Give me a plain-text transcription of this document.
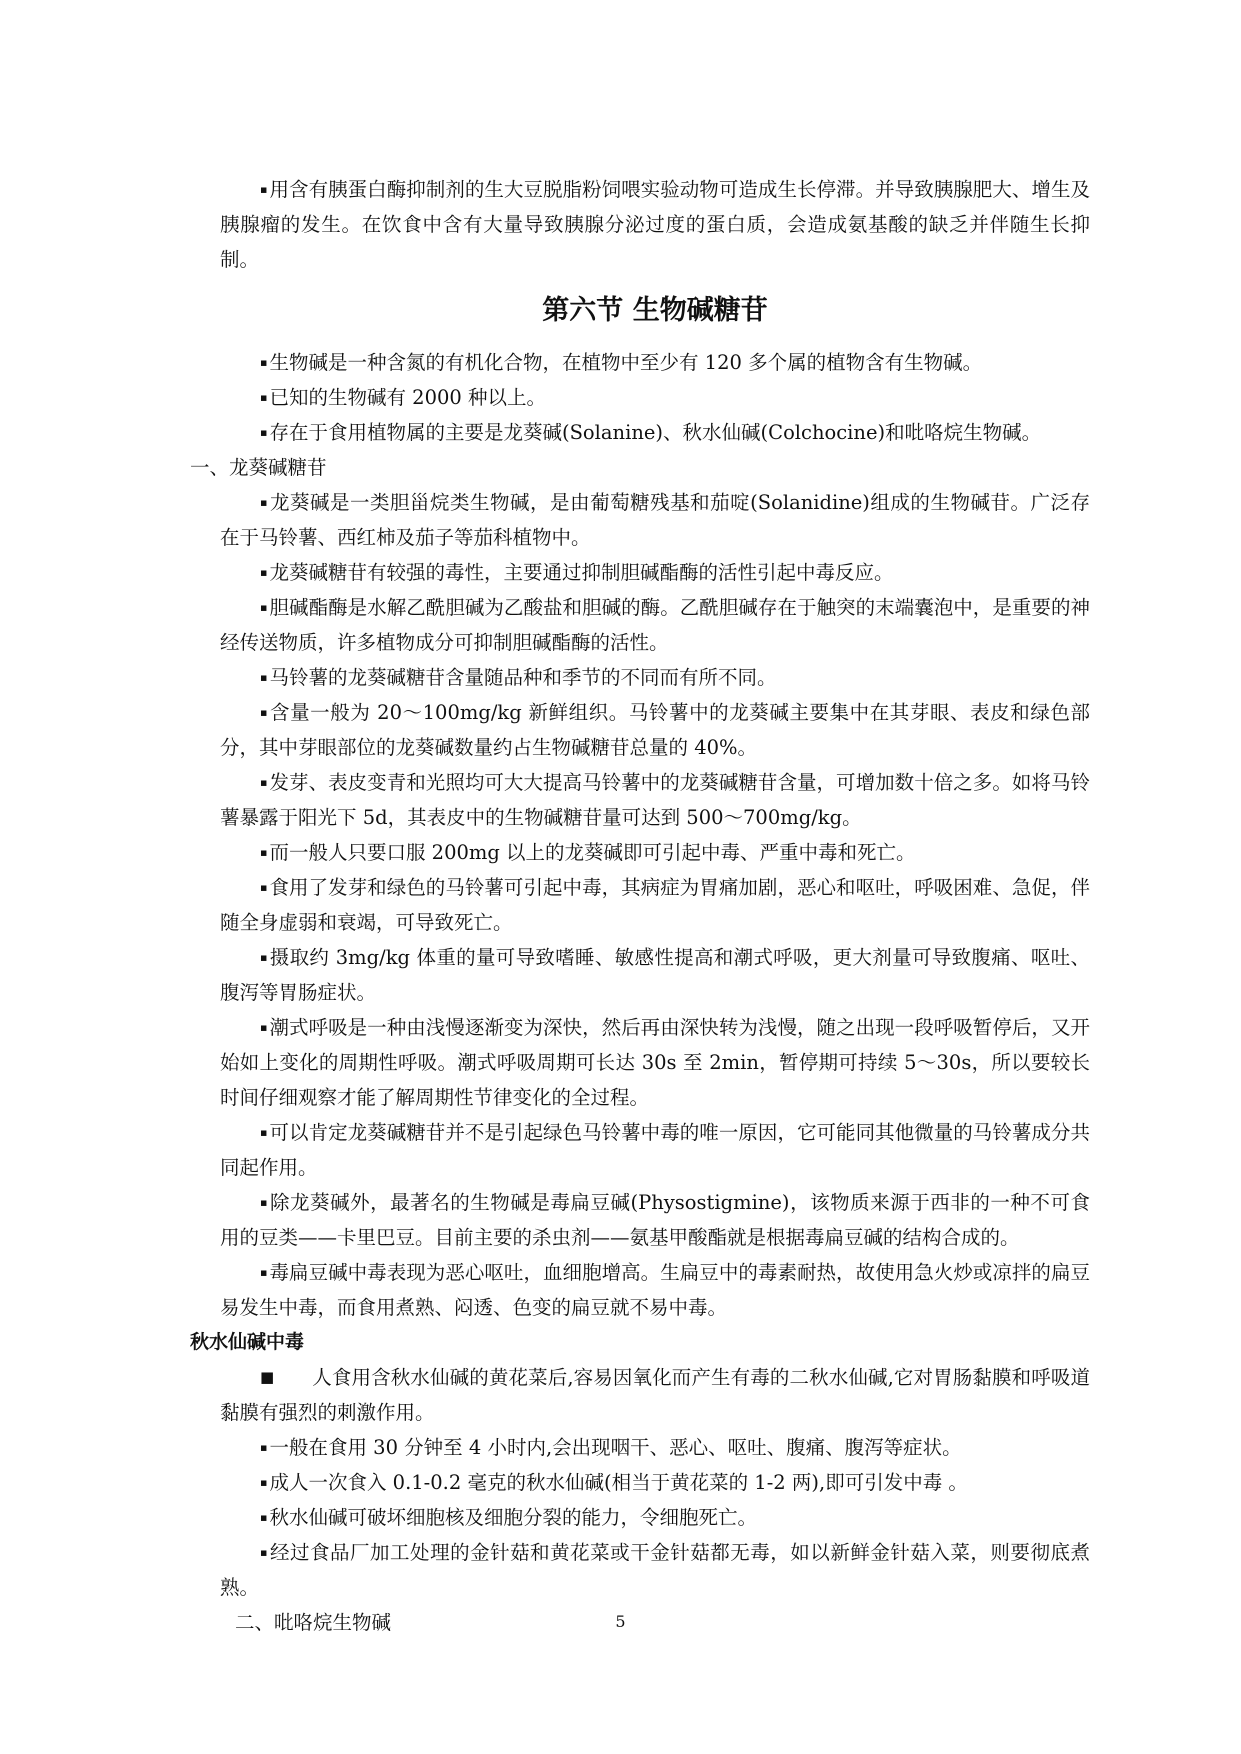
▪ 用含有胰蛋白酶抑制剂的生大豆脱脂粉饲喂实验动物可造成生长停滞。并导致胰腺肥大、增生及胰腺瘤的发生。在饮食中含有大量导致胰腺分泌过度的蛋白质，会造成氨基酸的缺乏并伴随生长抑制。

第六节 生物碱糖苷

▪ 生物碱是一种含氮的有机化合物，在植物中至少有 120 多个属的植物含有生物碱。

▪ 已知的生物碱有 2000 种以上。

▪ 存在于食用植物属的主要是龙葵碱(Solanine)、秋水仙碱(Colchocine)和吡咯烷生物碱。

一、龙葵碱糖苷

▪ 龙葵碱是一类胆甾烷类生物碱，是由葡萄糖残基和茄啶(Solanidine)组成的生物碱苷。广泛存在于马铃薯、西红柿及茄子等茄科植物中。

▪ 龙葵碱糖苷有较强的毒性，主要通过抑制胆碱酯酶的活性引起中毒反应。

▪ 胆碱酯酶是水解乙酰胆碱为乙酸盐和胆碱的酶。乙酰胆碱存在于触突的末端囊泡中，是重要的神经传送物质，许多植物成分可抑制胆碱酯酶的活性。

▪ 马铃薯的龙葵碱糖苷含量随品种和季节的不同而有所不同。

▪ 含量一般为 20～100mg/kg 新鲜组织。马铃薯中的龙葵碱主要集中在其芽眼、表皮和绿色部分，其中芽眼部位的龙葵碱数量约占生物碱糖苷总量的 40%。

▪ 发芽、表皮变青和光照均可大大提高马铃薯中的龙葵碱糖苷含量，可增加数十倍之多。如将马铃薯暴露于阳光下 5d，其表皮中的生物碱糖苷量可达到 500～700mg/kg。

▪ 而一般人只要口服 200mg 以上的龙葵碱即可引起中毒、严重中毒和死亡。

▪ 食用了发芽和绿色的马铃薯可引起中毒，其病症为胃痛加剧，恶心和呕吐，呼吸困难、急促，伴随全身虚弱和衰竭，可导致死亡。

▪ 摄取约 3mg/kg 体重的量可导致嗜睡、敏感性提高和潮式呼吸，更大剂量可导致腹痛、呕吐、腹泻等胃肠症状。

▪ 潮式呼吸是一种由浅慢逐渐变为深快，然后再由深快转为浅慢，随之出现一段呼吸暂停后，又开始如上变化的周期性呼吸。潮式呼吸周期可长达 30s 至 2min，暂停期可持续 5～30s，所以要较长时间仔细观察才能了解周期性节律变化的全过程。

▪ 可以肯定龙葵碱糖苷并不是引起绿色马铃薯中毒的唯一原因，它可能同其他微量的马铃薯成分共同起作用。

▪ 除龙葵碱外，最著名的生物碱是毒扁豆碱(Physostigmine)，该物质来源于西非的一种不可食用的豆类——卡里巴豆。目前主要的杀虫剂——氨基甲酸酯就是根据毒扁豆碱的结构合成的。

▪ 毒扁豆碱中毒表现为恶心呕吐，血细胞增高。生扁豆中的毒素耐热，故使用急火炒或凉拌的扁豆易发生中毒，而食用煮熟、闷透、色变的扁豆就不易中毒。

秋水仙碱中毒

■ 人食用含秋水仙碱的黄花菜后,容易因氧化而产生有毒的二秋水仙碱,它对胃肠黏膜和呼吸道黏膜有强烈的刺激作用。

▪ 一般在食用 30 分钟至 4 小时内,会出现咽干、恶心、呕吐、腹痛、腹泻等症状。

▪ 成人一次食入 0.1-0.2 毫克的秋水仙碱(相当于黄花菜的 1-2 两),即可引发中毒 。

▪ 秋水仙碱可破坏细胞核及细胞分裂的能力，令细胞死亡。

▪ 经过食品厂加工处理的金针菇和黄花菜或干金针菇都无毒，如以新鲜金针菇入菜，则要彻底煮熟。

二、吡咯烷生物碱	5
